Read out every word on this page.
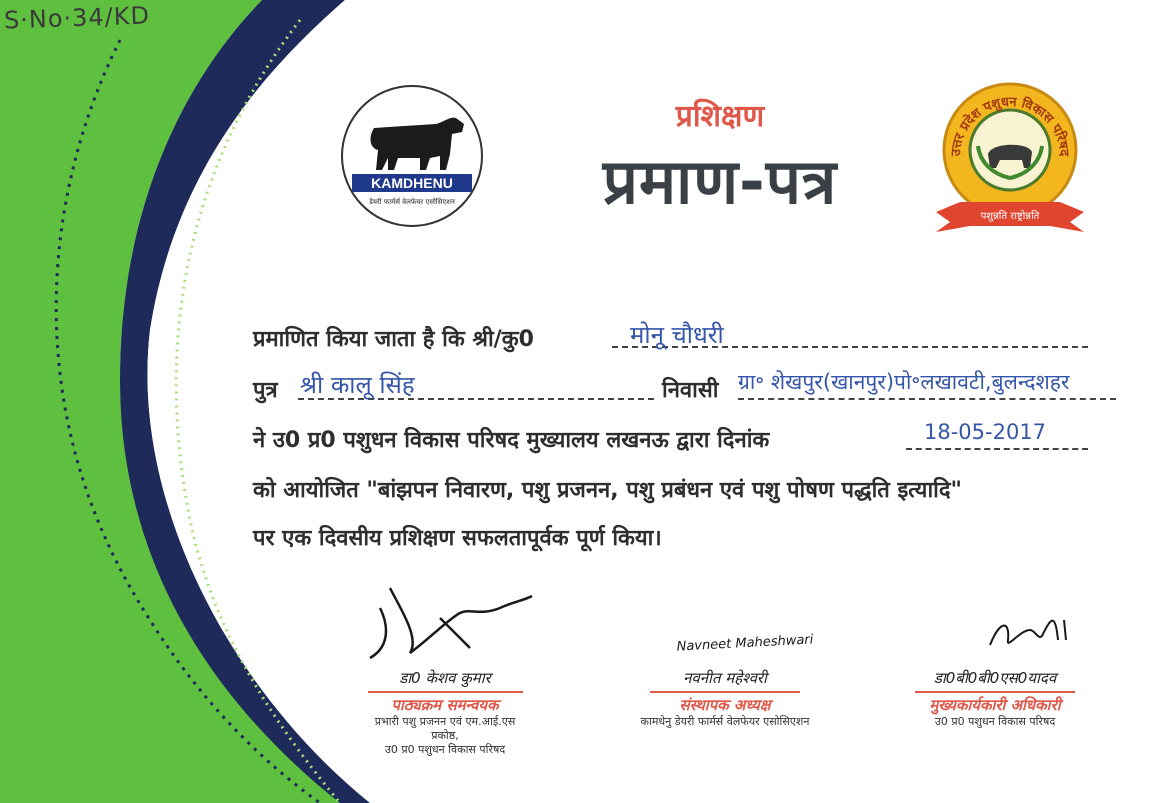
S·No·34/KD
KAMDHENU
डेयरी फार्मर्स वेलफेयर एसोसिएशन
उत्तर प्रदेश पशुधन विकास परिषद
पशुन्नति राष्ट्रोन्नति
प्रशिक्षण
प्रमाण-पत्र
प्रमाणित किया जाता है कि श्री/कु0	मोनू चौधरी
पुत्र श्री कालू सिंह	निवासी ग्रा॰ शेखपुर(खानपुर)पो॰लखावटी,बुलन्दशहर
ने उ0 प्र0 पशुधन विकास परिषद मुख्यालय लखनऊ द्वारा दिनांक	18-05-2017
को आयोजित "बांझपन निवारण, पशु प्रजनन, पशु प्रबंधन एवं पशु पोषण पद्धति इत्यादि"
पर एक दिवसीय प्रशिक्षण सफलतापूर्वक पूर्ण किया।
डा0 केशव कुमार
पाठ्यक्रम समन्वयक
प्रभारी पशु प्रजनन एवं एम.आई.एस प्रकोष्ठ,
उ0 प्र0 पशुधन विकास परिषद
Navneet Maheshwari
नवनीत महेश्वरी
संस्थापक अध्यक्ष
कामधेनु डेयरी फार्मर्स वेलफेयर एसोसिएशन
डा0बी0बी0एस0यादव
मुख्यकार्यकारी अधिकारी
उ0 प्र0 पशुधन विकास परिषद
